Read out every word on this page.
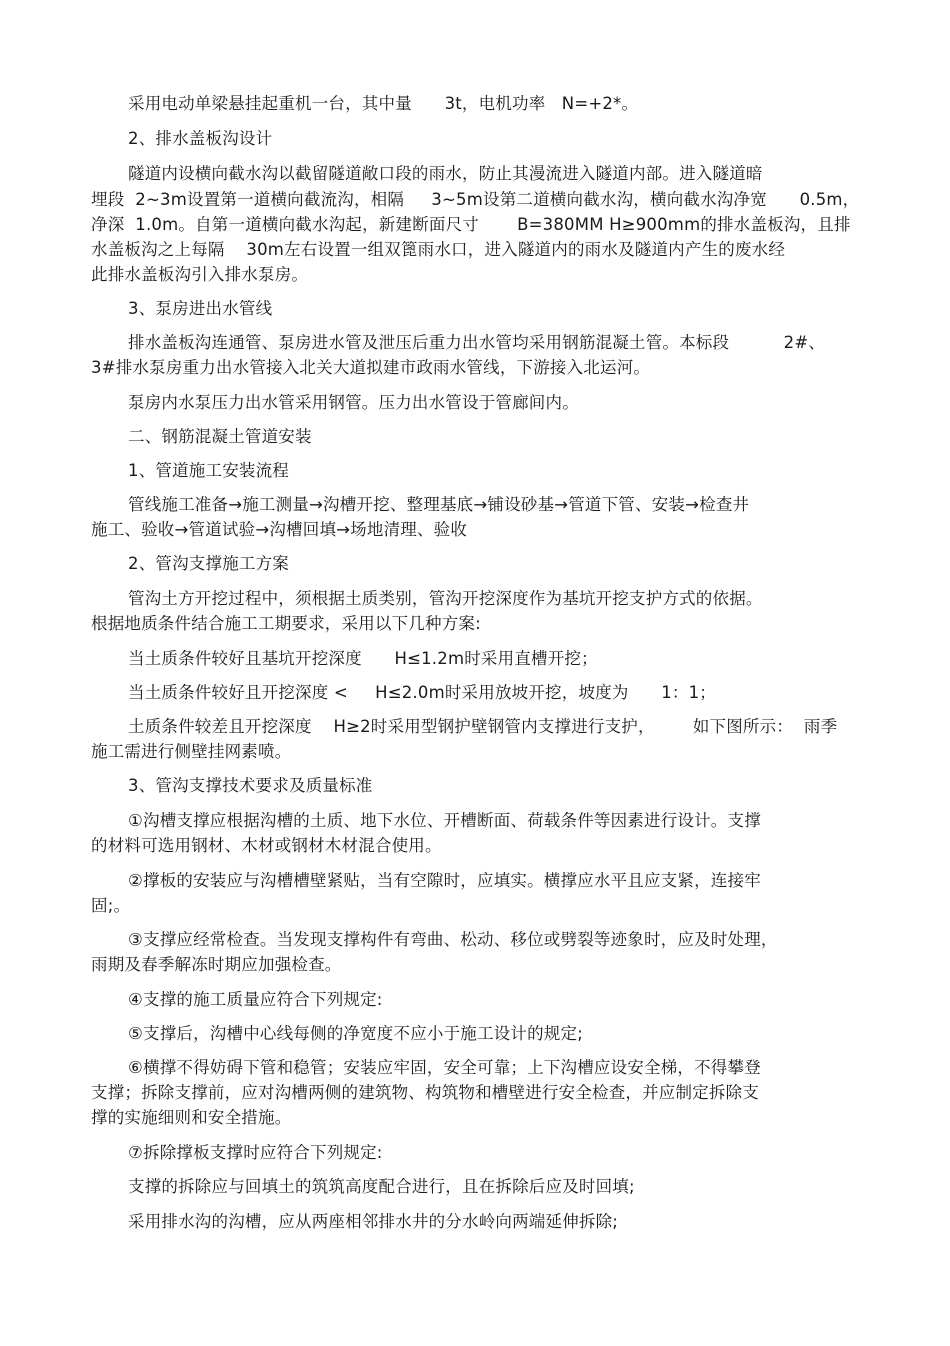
采用电动单梁悬挂起重机一台，其中量      3t，电机功率   N=+2*。
2、排水盖板沟设计
隧道内设横向截水沟以截留隧道敞口段的雨水，防止其漫流进入隧道内部。进入隧道暗
埋段  2~3m设置第一道横向截流沟，相隔     3~5m设第二道横向截水沟，横向截水沟净宽      0.5m，
净深  1.0m。自第一道横向截水沟起，新建断面尺寸       B=380MM H≥900mm的排水盖板沟，且排
水盖板沟之上每隔    30m左右设置一组双篦雨水口，进入隧道内的雨水及隧道内产生的废水经
此排水盖板沟引入排水泵房。
3、泵房进出水管线
排水盖板沟连通管、泵房进水管及泄压后重力出水管均采用钢筋混凝土管。本标段          2#、
3#排水泵房重力出水管接入北关大道拟建市政雨水管线，下游接入北运河。
泵房内水泵压力出水管采用钢管。压力出水管设于管廊间内。
二、钢筋混凝土管道安装
1、管道施工安装流程
管线施工准备→施工测量→沟槽开挖、整理基底→铺设砂基→管道下管、安装→检查井
施工、验收→管道试验→沟槽回填→场地清理、验收
2、管沟支撑施工方案
管沟土方开挖过程中，须根据土质类别，管沟开挖深度作为基坑开挖支护方式的依据。
根据地质条件结合施工工期要求，采用以下几种方案:
当土质条件较好且基坑开挖深度      H≤1.2m时采用直槽开挖；
当土质条件较好且开挖深度 <     H≤2.0m时采用放坡开挖，坡度为      1：1；
土质条件较差且开挖深度    H≥2时采用型钢护壁钢管内支撑进行支护，       如下图所示：  雨季
施工需进行侧壁挂网素喷。
3、管沟支撑技术要求及质量标准
①沟槽支撑应根据沟槽的土质、地下水位、开槽断面、荷载条件等因素进行设计。支撑
的材料可选用钢材、木材或钢材木材混合使用。
②撑板的安装应与沟槽槽壁紧贴，当有空隙时，应填实。横撑应水平且应支紧，连接牢
固;。
③支撑应经常检查。当发现支撑构件有弯曲、松动、移位或劈裂等迹象时，应及时处理，
雨期及春季解冻时期应加强检查。
④支撑的施工质量应符合下列规定:
⑤支撑后，沟槽中心线每侧的净宽度不应小于施工设计的规定;
⑥横撑不得妨碍下管和稳管；安装应牢固，安全可靠；上下沟槽应设安全梯，不得攀登
支撑；拆除支撑前，应对沟槽两侧的建筑物、构筑物和槽壁进行安全检查，并应制定拆除支
撑的实施细则和安全措施。
⑦拆除撑板支撑时应符合下列规定:
支撑的拆除应与回填土的筑筑高度配合进行，且在拆除后应及时回填;
采用排水沟的沟槽，应从两座相邻排水井的分水岭向两端延伸拆除;
